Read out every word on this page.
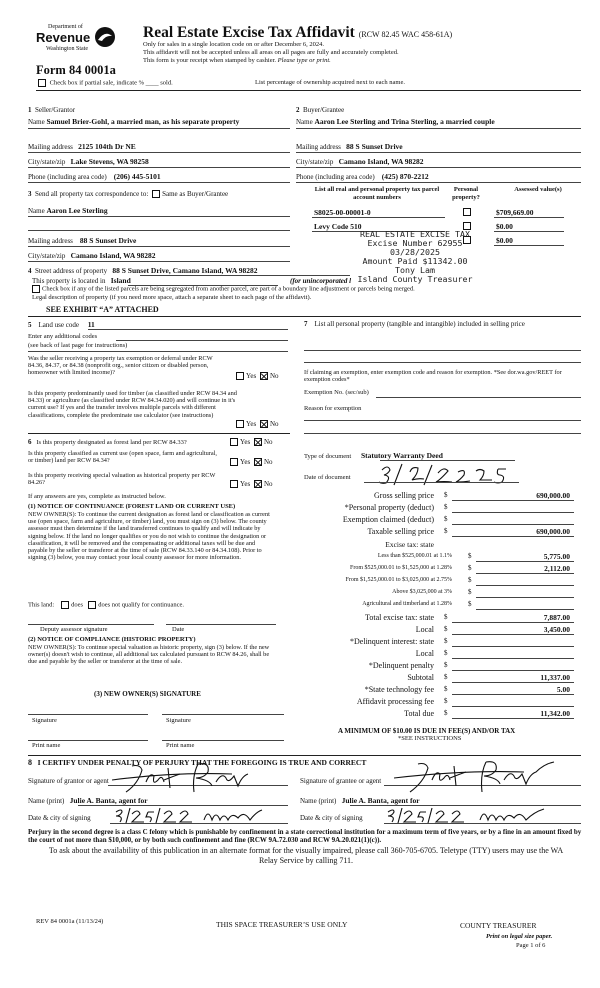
Department of
Revenue
Washington State
Form 84 0001a
Check box if partial sale, indicate % ____ sold.	List percentage of ownership acquired next to each name.
Real Estate Excise Tax Affidavit (RCW 82.45 WAC 458-61A)
Only for sales in a single location code on or after December 6, 2024.
This affidavit will not be accepted unless all areas on all pages are fully and accurately completed.
This form is your receipt when stamped by cashier. Please type or print.
1 Seller/Grantor
Name Samuel Brier-Gohl, a married man, as his separate property
2 Buyer/Grantee
Name Aaron Lee Sterling and Trina Sterling, a married couple
Mailing address 2125 104th Dr NE
City/state/zip Lake Stevens, WA 98258
Phone (including area code) (206) 445-5101
Mailing address 88 S Sunset Drive
City/state/zip Camano Island, WA 98282
Phone (including area code) (425) 870-2212
3 Send all property tax correspondence to: Same as Buyer/Grantee
Name Aaron Lee Sterling
Mailing address 88 S Sunset Drive
City/state/zip Camano Island, WA 98282
List all real and personal property tax parcel account numbers
Personal property?
Assessed value(s)
S8025-00-00001-0	$709,669.00
Levy Code 510	$0.00
$0.00
REAL ESTATE EXCISE TAX
Excise Number 62955
03/28/2025
Amount Paid $11342.00
Tony Lam
Island County Treasurer
4 Street address of property 88 S Sunset Drive, Camano Island, WA 98282
This property is located in Island	(for unincorporated l
Check box if any of the listed parcels are being segregated from another parcel, are part of a boundary line adjustment or parcels being merged.
Legal description of property (if you need more space, attach a separate sheet to each page of the affidavit).
SEE EXHIBIT “A” ATTACHED
5 Land use code 11
Enter any additional codes
(see back of last page for instructions)
Was the seller receiving a property tax exemption or deferral under RCW 84.36, 84.37, or 84.38 (nonprofit org., senior citizen or disabled person, homeowner with limited income)?	Yes No
Is this property predominantly used for timber (as classified under RCW 84.34 and 84.33) or agriculture (as classified under RCW 84.34.020) and will continue in it's current use? If yes and the transfer involves multiple parcels with different classifications, complete the predominate use calculator (see instructions)
Yes No
6 Is this property designated as forest land per RCW 84.33?	Yes No
Is this property classified as current use (open space, farm and agricultural, or timber) land per RCW 84.34?	Yes No
Is this property receiving special valuation as historical property per RCW 84.26?	Yes No
If any answers are yes, complete as instructed below.
(1) NOTICE OF CONTINUANCE (FOREST LAND OR CURRENT USE)
NEW OWNER(S): To continue the current designation as forest land or classification as current use (open space, farm and agriculture, or timber) land, you must sign on (3) below. The county assessor must then determine if the land transferred continues to qualify and will indicate by signing below. If the land no longer qualifies or you do not wish to continue the designation or classification, it will be removed and the compensating or additional taxes will be due and payable by the seller or transferor at the time of sale (RCW 84.33.140 or 84.34.108). Prior to signing (3) below, you may contact your local county assessor for more information.
This land:	does does not qualify for continuance.
Deputy assessor signature	Date
(2) NOTICE OF COMPLIANCE (HISTORIC PROPERTY)
NEW OWNER(S): To continue special valuation as historic property, sign (3) below. If the new owner(s) doesn't wish to continue, all additional tax calculated pursuant to RCW 84.26, shall be due and payable by the seller or transferor at the time of sale.
(3) NEW OWNER(S) SIGNATURE
Signature	Signature
Print name	Print name
7 List all personal property (tangible and intangible) included in selling price
If claiming an exemption, enter exemption code and reason for exemption. *See dor.wa.gov/REET for exemption codes*
Exemption No. (sec/sub)
Reason for exemption
Type of document Statutory Warranty Deed
Date of document
Gross selling price $	690,000.00
*Personal property (deduct) $
Exemption claimed (deduct) $
Taxable selling price $	690,000.00
Excise tax: state
Less than $525,000.01 at 1.1% $	5,775.00
From $525,000.01 to $1,525,000 at 1.28% $	2,112.00
From $1,525,000.01 to $3,025,000 at 2.75% $
Above $3,025,000 at 3% $
Agricultural and timberland at 1.28% $
Total excise tax: state $	7,887.00
Local $	3,450.00
*Delinquent interest: state $
Local $
*Delinquent penalty $
Subtotal $	11,337.00
*State technology fee $	5.00
Affidavit processing fee $
Total due $	11,342.00
A MINIMUM OF $10.00 IS DUE IN FEE(S) AND/OR TAX
*SEE INSTRUCTIONS
8 I CERTIFY UNDER PENALTY OF PERJURY THAT THE FOREGOING IS TRUE AND CORRECT
Signature of grantor or agent
Name (print) Julie A. Banta, agent for
Date & city of signing
Signature of grantee or agent
Name (print) Julie A. Banta, agent for
Date & city of signing
Perjury in the second degree is a class C felony which is punishable by confinement in a state correctional institution for a maximum term of five years, or by a fine in an amount fixed by the court of not more than $10,000, or by both such confinement and fine (RCW 9A.72.030 and RCW 9A.20.021(1)(c)).
To ask about the availability of this publication in an alternate format for the visually impaired, please call 360-705-6705. Teletype (TTY) users may use the WA Relay Service by calling 711.
REV 84 0001a (11/13/24)	THIS SPACE TREASURER’S USE ONLY	COUNTY TREASURER
Print on legal size paper.
Page 1 of 6
